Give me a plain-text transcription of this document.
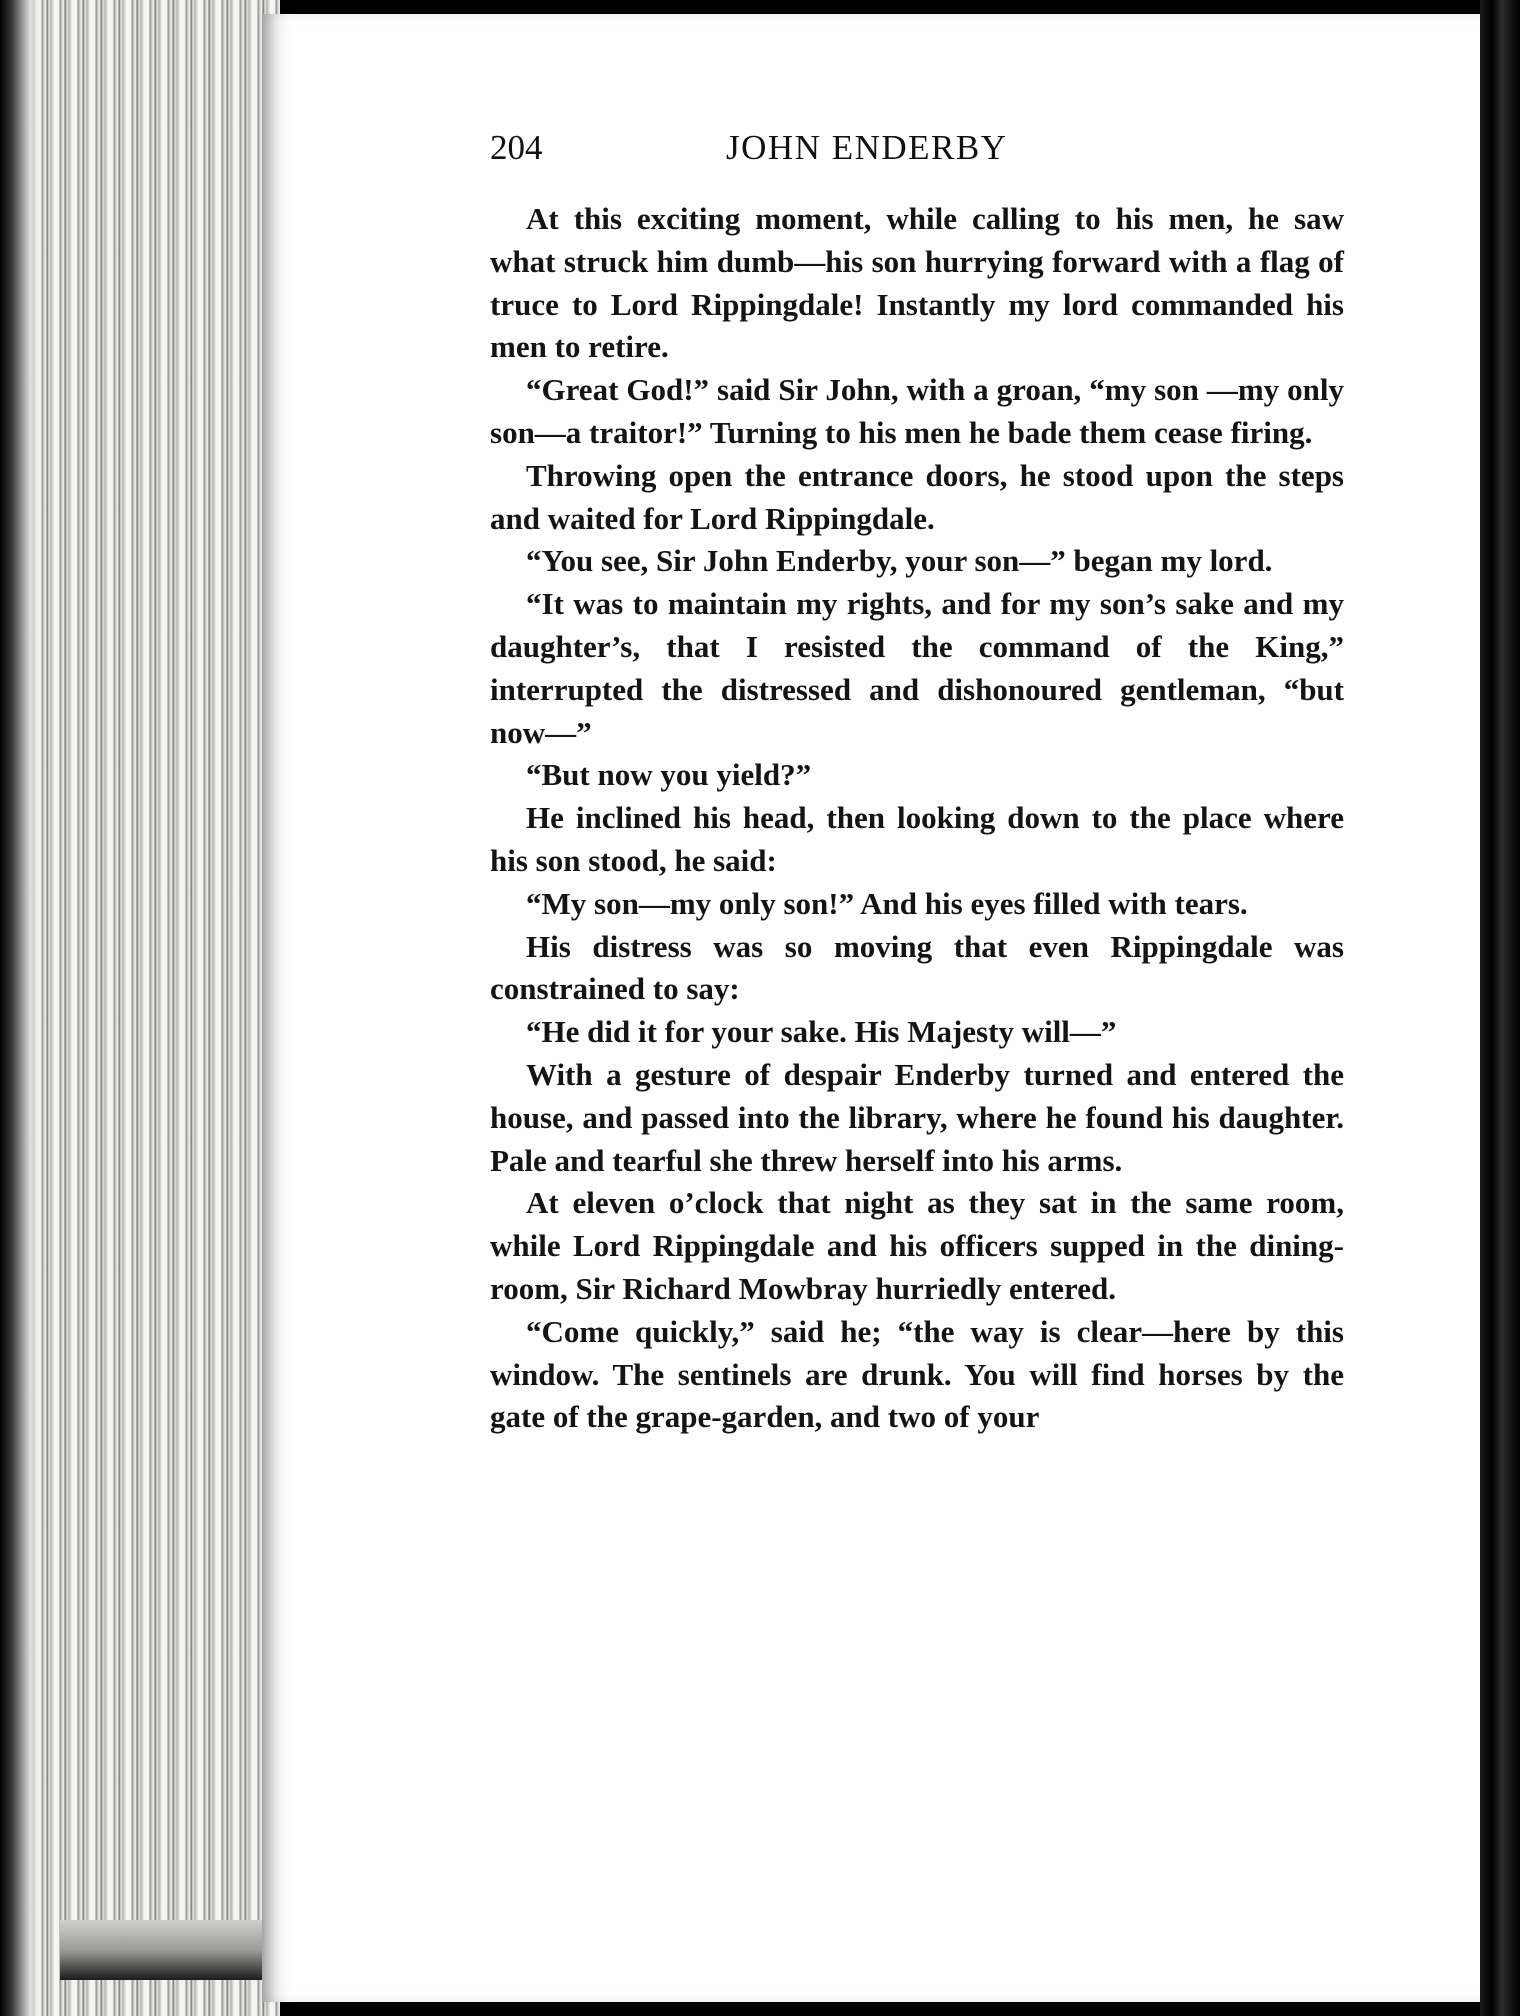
204	JOHN ENDERBY

At this exciting moment, while calling to his men, he saw what struck him dumb—his son hurrying forward with a flag of truce to Lord Rippingdale! Instantly my lord commanded his men to retire.

“Great God!” said Sir John, with a groan, “my son —my only son—a traitor!” Turning to his men he bade them cease firing.

Throwing open the entrance doors, he stood upon the steps and waited for Lord Rippingdale.

“You see, Sir John Enderby, your son—” began my lord.

“It was to maintain my rights, and for my son’s sake and my daughter’s, that I resisted the command of the King,” interrupted the distressed and dishonoured gentleman, “but now—”

“But now you yield?”

He inclined his head, then looking down to the place where his son stood, he said:

“My son—my only son!” And his eyes filled with tears.

His distress was so moving that even Rippingdale was constrained to say:

“He did it for your sake. His Majesty will—”

With a gesture of despair Enderby turned and entered the house, and passed into the library, where he found his daughter. Pale and tearful she threw herself into his arms.

At eleven o’clock that night as they sat in the same room, while Lord Rippingdale and his officers supped in the dining-room, Sir Richard Mowbray hurriedly entered.

“Come quickly,” said he; “the way is clear—here by this window. The sentinels are drunk. You will find horses by the gate of the grape-garden, and two of your
